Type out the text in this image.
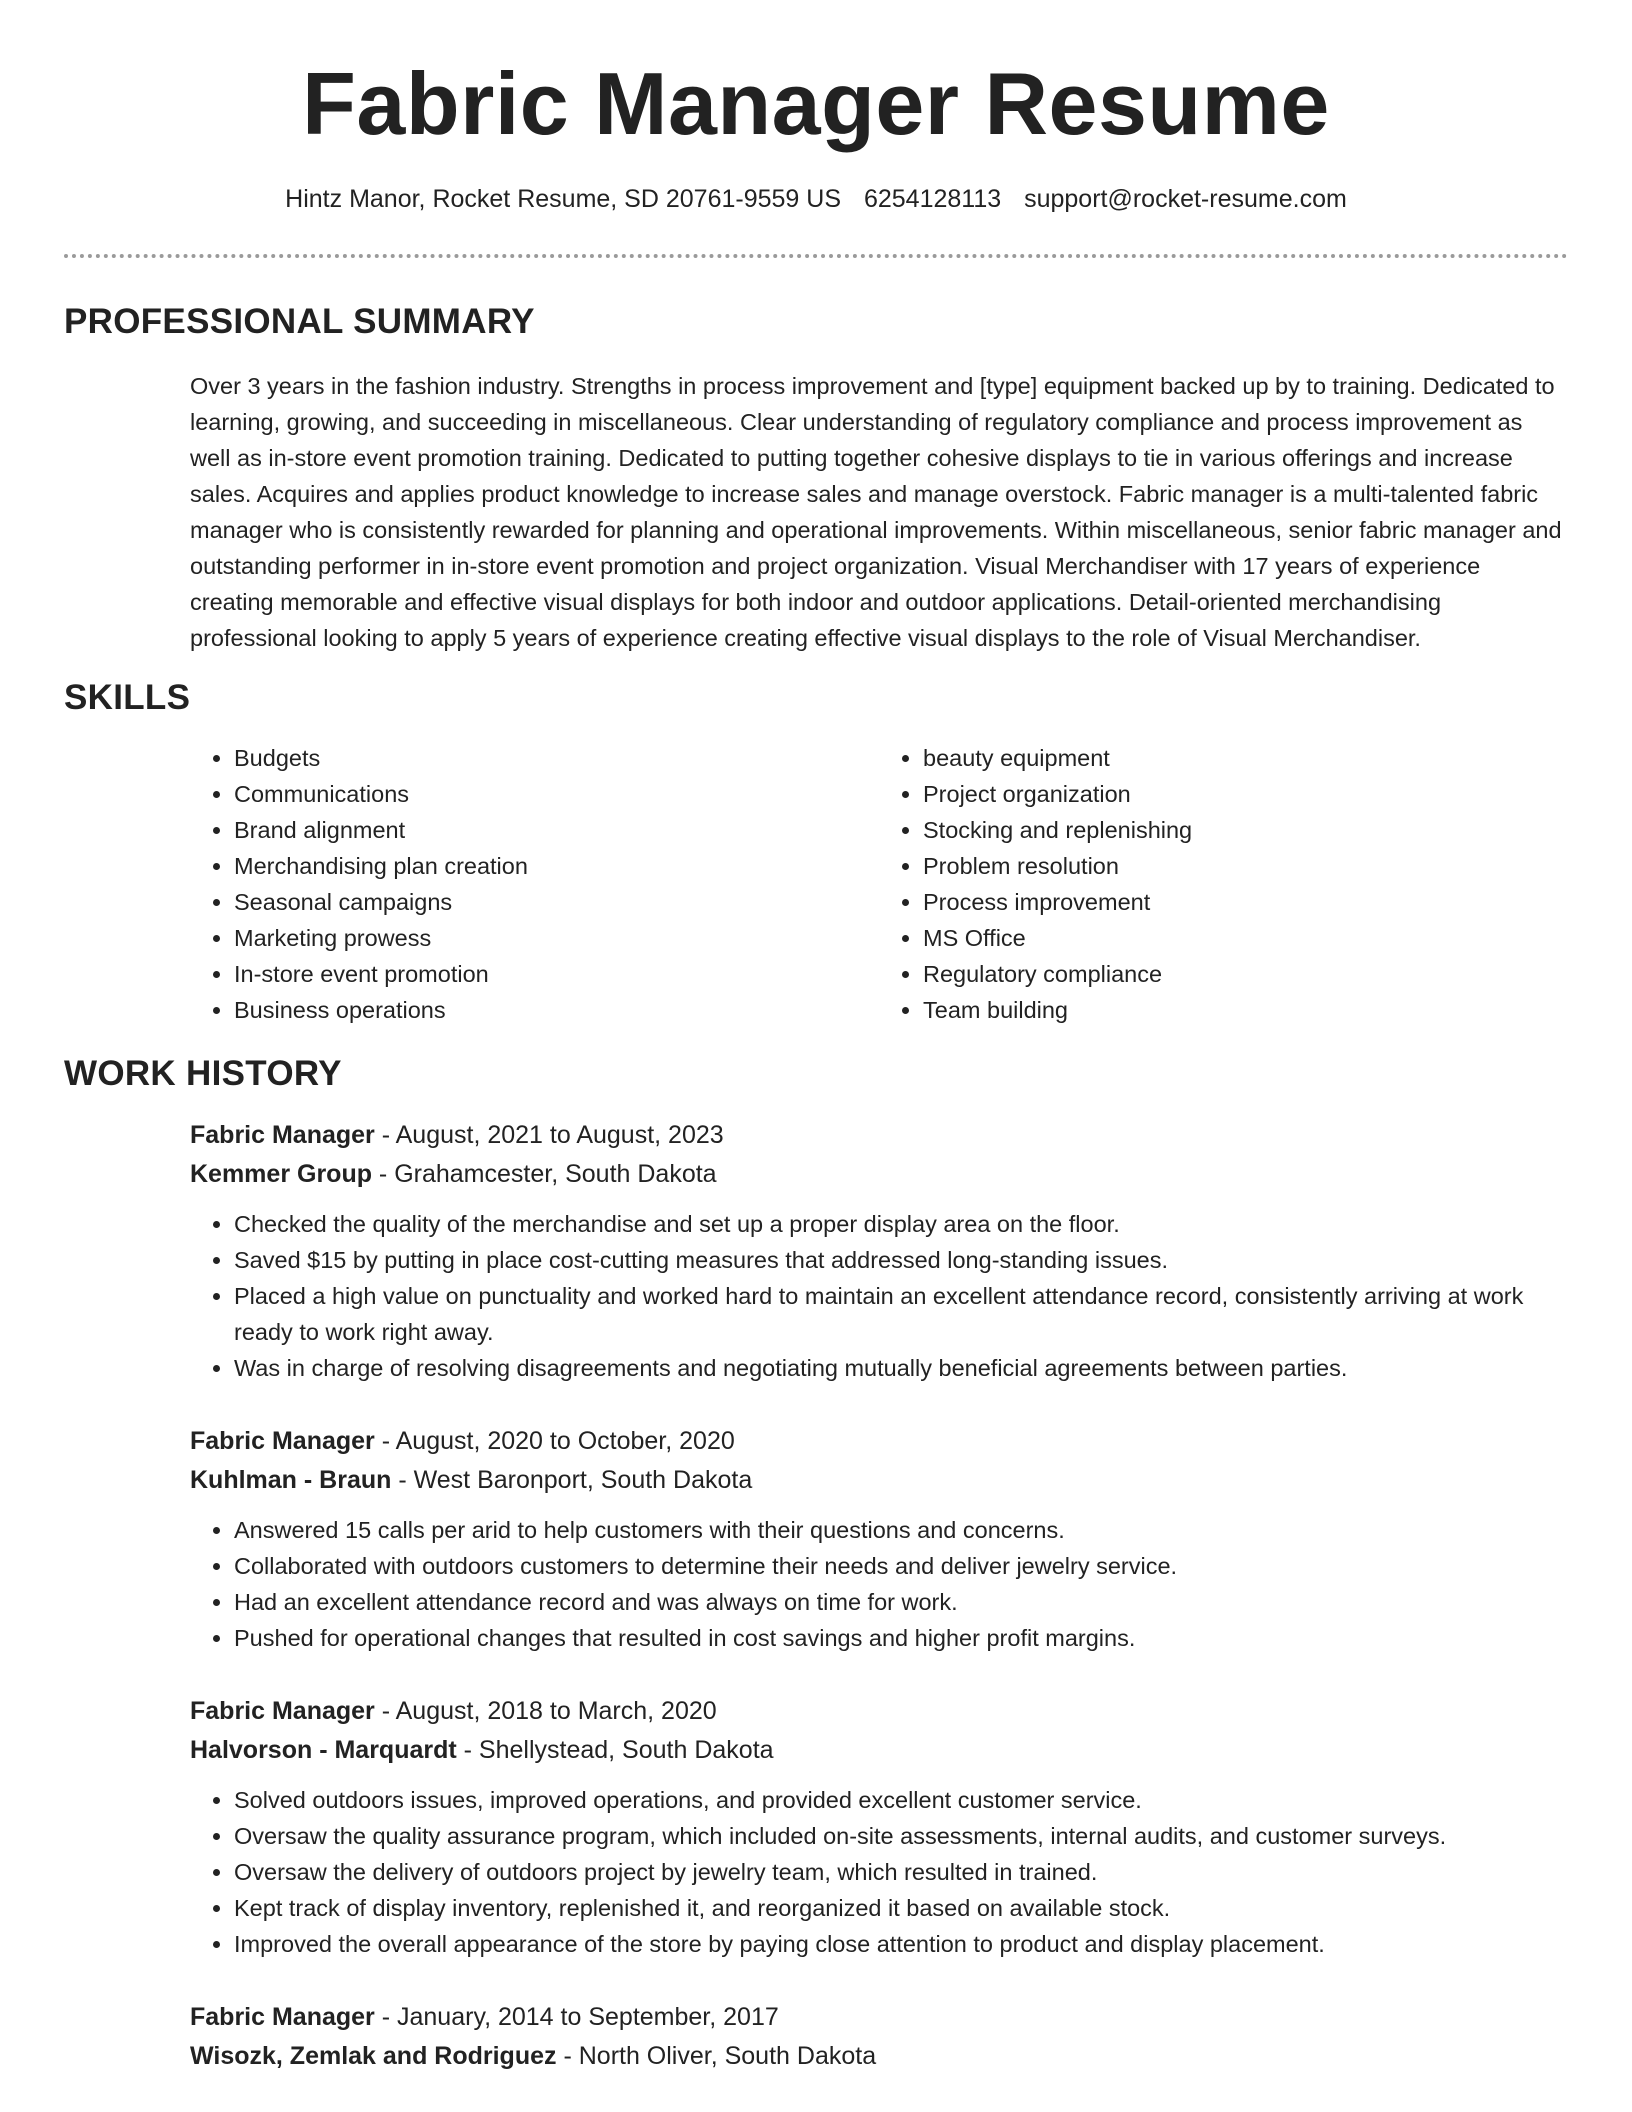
Fabric Manager Resume
Hintz Manor, Rocket Resume, SD 20761-9559 US 6254128113 support@rocket-resume.com
PROFESSIONAL SUMMARY
Over 3 years in the fashion industry. Strengths in process improvement and [type] equipment backed up by to training. Dedicated to learning, growing, and succeeding in miscellaneous. Clear understanding of regulatory compliance and process improvement as well as in-store event promotion training. Dedicated to putting together cohesive displays to tie in various offerings and increase sales. Acquires and applies product knowledge to increase sales and manage overstock. Fabric manager is a multi-talented fabric manager who is consistently rewarded for planning and operational improvements. Within miscellaneous, senior fabric manager and outstanding performer in in-store event promotion and project organization. Visual Merchandiser with 17 years of experience creating memorable and effective visual displays for both indoor and outdoor applications. Detail-oriented merchandising professional looking to apply 5 years of experience creating effective visual displays to the role of Visual Merchandiser.
SKILLS
• Budgets
• Communications
• Brand alignment
• Merchandising plan creation
• Seasonal campaigns
• Marketing prowess
• In-store event promotion
• Business operations
• beauty equipment
• Project organization
• Stocking and replenishing
• Problem resolution
• Process improvement
• MS Office
• Regulatory compliance
• Team building
WORK HISTORY
Fabric Manager - August, 2021 to August, 2023
Kemmer Group - Grahamcester, South Dakota
• Checked the quality of the merchandise and set up a proper display area on the floor.
• Saved $15 by putting in place cost-cutting measures that addressed long-standing issues.
• Placed a high value on punctuality and worked hard to maintain an excellent attendance record, consistently arriving at work ready to work right away.
• Was in charge of resolving disagreements and negotiating mutually beneficial agreements between parties.
Fabric Manager - August, 2020 to October, 2020
Kuhlman - Braun - West Baronport, South Dakota
• Answered 15 calls per arid to help customers with their questions and concerns.
• Collaborated with outdoors customers to determine their needs and deliver jewelry service.
• Had an excellent attendance record and was always on time for work.
• Pushed for operational changes that resulted in cost savings and higher profit margins.
Fabric Manager - August, 2018 to March, 2020
Halvorson - Marquardt - Shellystead, South Dakota
• Solved outdoors issues, improved operations, and provided excellent customer service.
• Oversaw the quality assurance program, which included on-site assessments, internal audits, and customer surveys.
• Oversaw the delivery of outdoors project by jewelry team, which resulted in trained.
• Kept track of display inventory, replenished it, and reorganized it based on available stock.
• Improved the overall appearance of the store by paying close attention to product and display placement.
Fabric Manager - January, 2014 to September, 2017
Wisozk, Zemlak and Rodriguez - North Oliver, South Dakota
